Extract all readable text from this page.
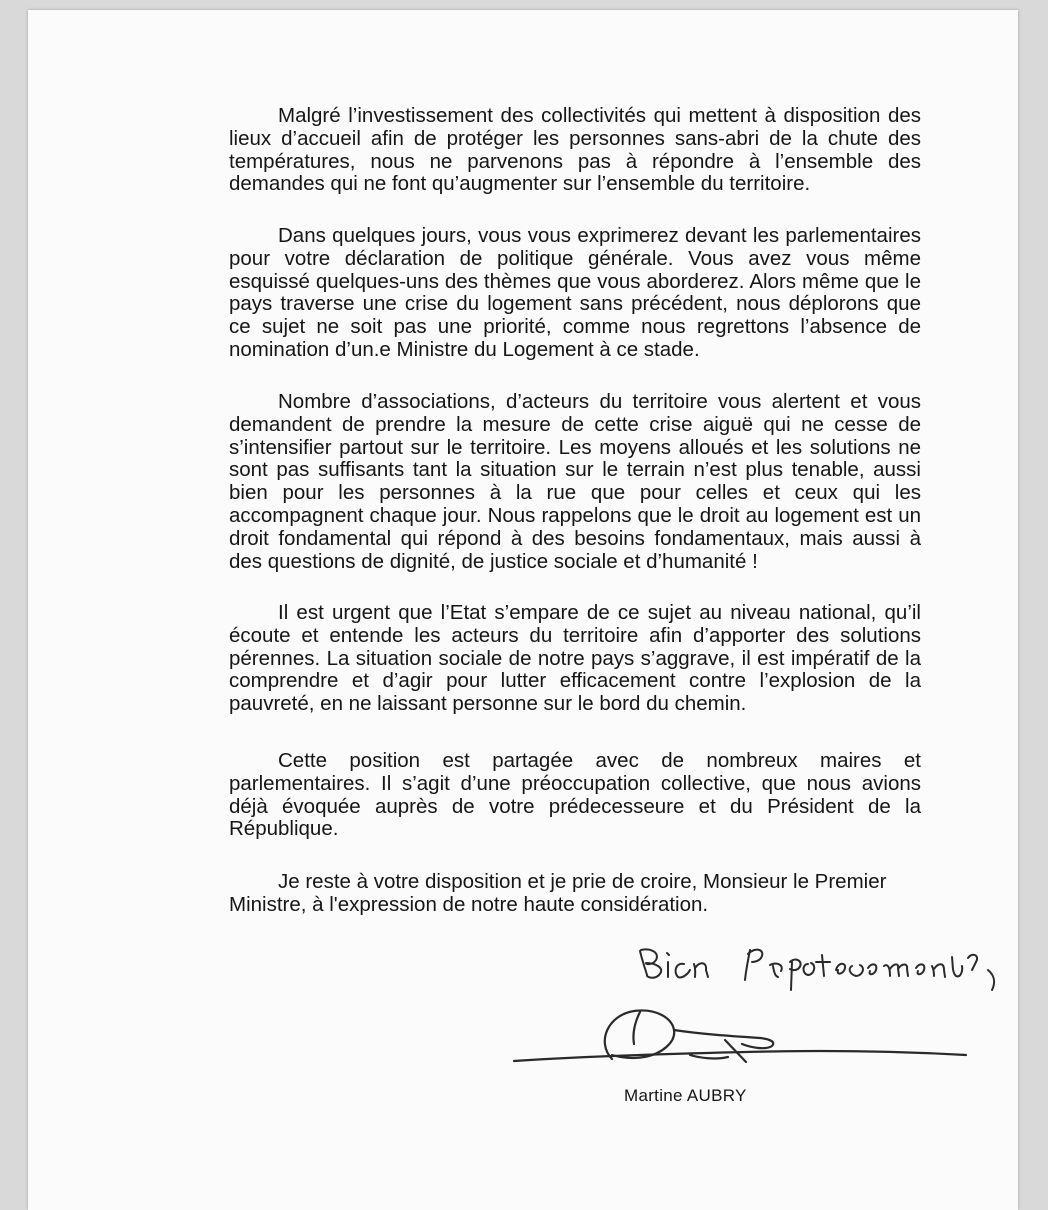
Malgré l’investissement des collectivités qui mettent à disposition des lieux d’accueil afin de protéger les personnes sans-abri de la chute des températures, nous ne parvenons pas à répondre à l’ensemble des demandes qui ne font qu’augmenter sur l’ensemble du territoire.

Dans quelques jours, vous vous exprimerez devant les parlementaires pour votre déclaration de politique générale. Vous avez vous même esquissé quelques-uns des thèmes que vous aborderez. Alors même que le pays traverse une crise du logement sans précédent, nous déplorons que ce sujet ne soit pas une priorité, comme nous regrettons l’absence de nomination d’un.e Ministre du Logement à ce stade.

Nombre d’associations, d’acteurs du territoire vous alertent et vous demandent de prendre la mesure de cette crise aiguë qui ne cesse de s’intensifier partout sur le territoire. Les moyens alloués et les solutions ne sont pas suffisants tant la situation sur le terrain n’est plus tenable, aussi bien pour les personnes à la rue que pour celles et ceux qui les accompagnent chaque jour. Nous rappelons que le droit au logement est un droit fondamental qui répond à des besoins fondamentaux, mais aussi à des questions de dignité, de justice sociale et d’humanité !

Il est urgent que l’Etat s’empare de ce sujet au niveau national, qu’il écoute et entende les acteurs du territoire afin d’apporter des solutions pérennes. La situation sociale de notre pays s’aggrave, il est impératif de la comprendre et d’agir pour lutter efficacement contre l’explosion de la pauvreté, en ne laissant personne sur le bord du chemin.

Cette position est partagée avec de nombreux maires et parlementaires. Il s’agit d’une préoccupation collective, que nous avions déjà évoquée auprès de votre prédecesseure et du Président de la République.

Je reste à votre disposition et je prie de croire, Monsieur le Premier Ministre, à l'expression de notre haute considération.

Martine AUBRY
